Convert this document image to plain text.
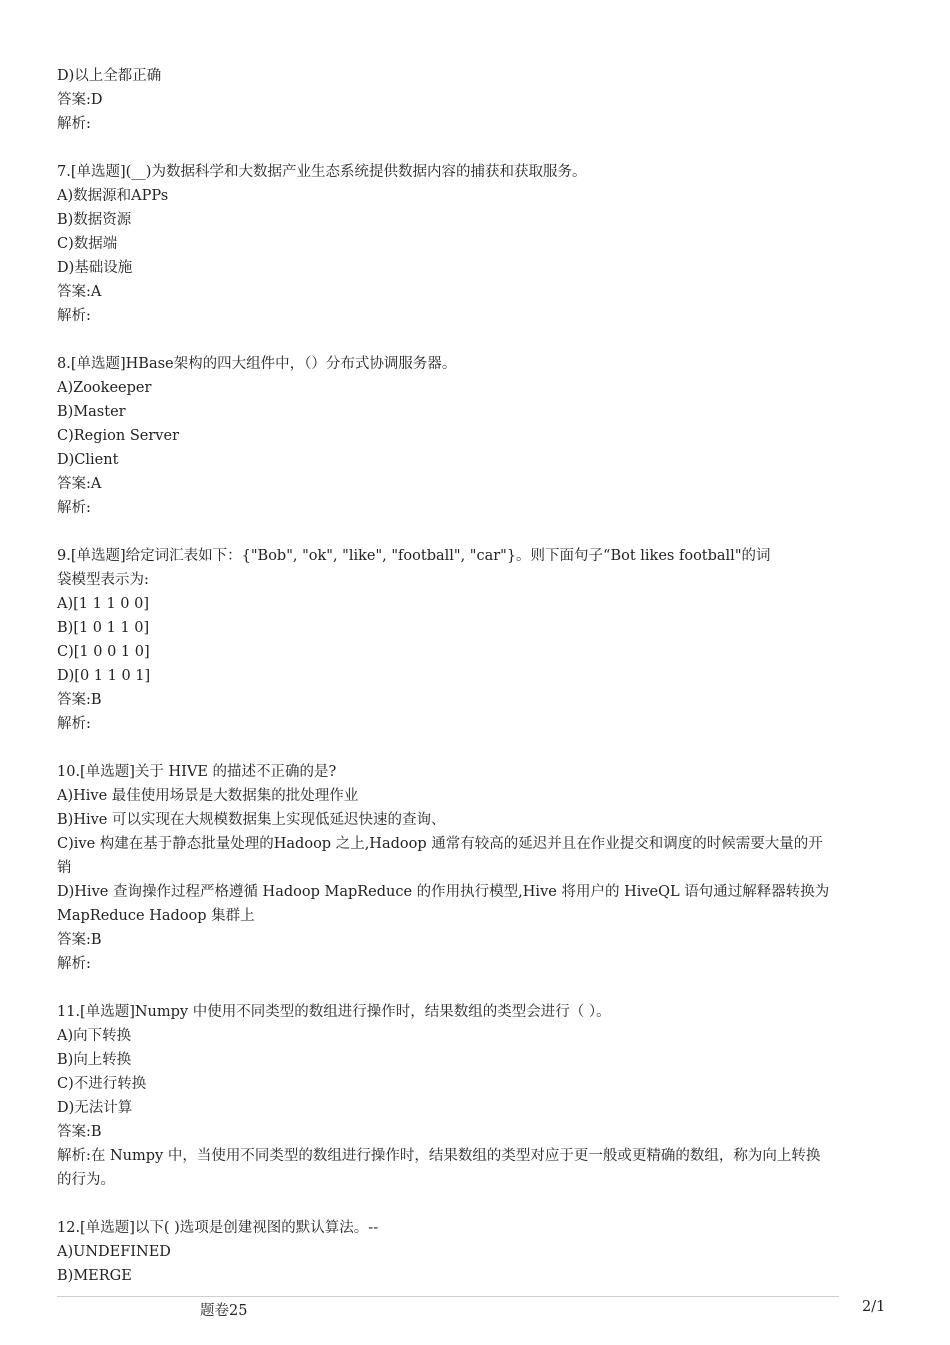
D)以上全都正确
答案:D
解析:
7.[单选题](__)为数据科学和大数据产业生态系统提供数据内容的捕获和获取服务。
A)数据源和APPs
B)数据资源
C)数据端
D)基础设施
答案:A
解析:
8.[单选题]HBase架构的四大组件中，（）分布式协调服务器。
A)Zookeeper
B)Master
C)Region Server
D)Client
答案:A
解析:
9.[单选题]给定词汇表如下：{"Bob", "ok", "like", "football", "car"}。则下面句子“Bot likes football"的词
袋模型表示为:
A)[1 1 1 0 0]
B)[1 0 1 1 0]
C)[1 0 0 1 0]
D)[0 1 1 0 1]
答案:B
解析:
10.[单选题]关于 HIVE 的描述不正确的是?
A)Hive 最佳使用场景是大数据集的批处理作业
B)Hive 可以实现在大规模数据集上实现低延迟快速的查询、
C)ive 构建在基于静态批量处理的Hadoop 之上,Hadoop 通常有较高的延迟并且在作业提交和调度的时候需要大量的开
销
D)Hive 查询操作过程严格遵循 Hadoop MapReduce 的作用执行模型,Hive 将用户的 HiveQL 语句通过解释器转换为
MapReduce Hadoop 集群上
答案:B
解析:
11.[单选题]Numpy 中使用不同类型的数组进行操作时，结果数组的类型会进行（ ）。
A)向下转换
B)向上转换
C)不进行转换
D)无法计算
答案:B
解析:在 Numpy 中，当使用不同类型的数组进行操作时，结果数组的类型对应于更一般或更精确的数组，称为向上转换
的行为。
12.[单选题]以下( )选项是创建视图的默认算法。--
A)UNDEFINED
B)MERGE
题卷25	2/1
